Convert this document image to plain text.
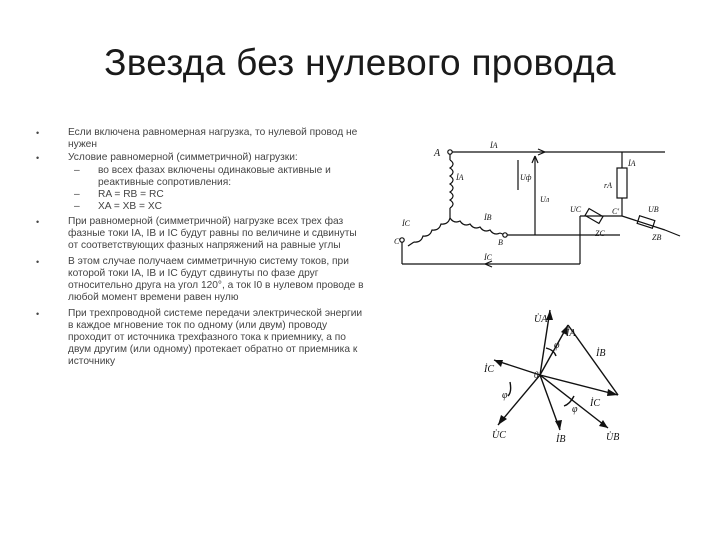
Звезда без нулевого провода
•	Если включена равномерная нагрузка, то нулевой провод не нужен
•	Условие равномерной (симметричной) нагрузки:
– во всех фазах включены одинаковые активные и реактивные сопротивления:
– RA = RB = RC
– XA = XB = XC
•	При равномерной (симметричной) нагрузке всех трех фаз фазные токи IA, IB и IC будут равны по величине и сдвинуты от соответствующих фазных напряжений на равные углы
•	В этом случае получаем симметричную систему токов, при которой токи IA, IB и IC будут сдвинуты по фазе друг относительно друга на угол 120°, а ток I0 в нулевом проводе в любой момент времени равен нулю
•	При трехпроводной системе передачи электрической энергии в каждое мгновение ток по одному (или двум) проводу проходит от источника трехфазного тока к приемнику, а по двум другим (или одному) протекает обратно от приемника к источнику
A
İA
İA
İB
İC
İC
B
C
Uф
Uл
İA
rA
UC	UB
ZC	ZB
C'
U̇A
İA
İB
İC
İC
İB
U̇C	U̇B
0
φ
φ
φ
